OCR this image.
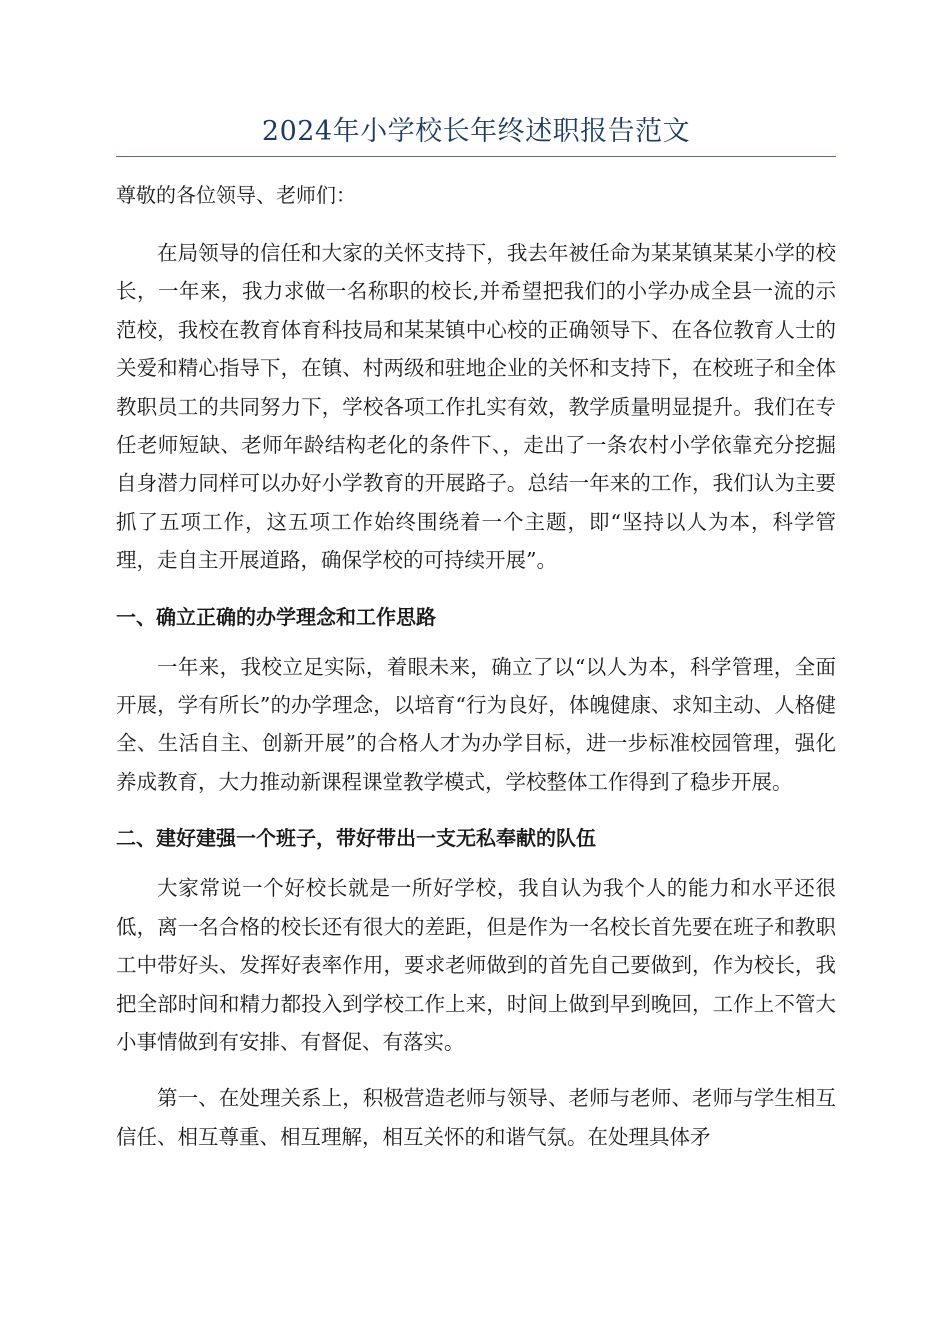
2024年小学校长年终述职报告范文

尊敬的各位领导、老师们：

在局领导的信任和大家的关怀支持下，我去年被任命为某某镇某某小学的校长，一年来，我力求做一名称职的校长,并希望把我们的小学办成全县一流的示范校，我校在教育体育科技局和某某镇中心校的正确领导下、在各位教育人士的关爱和精心指导下，在镇、村两级和驻地企业的关怀和支持下，在校班子和全体教职员工的共同努力下，学校各项工作扎实有效，教学质量明显提升。我们在专任老师短缺、老师年龄结构老化的条件下、，走出了一条农村小学依靠充分挖掘自身潜力同样可以办好小学教育的开展路子。总结一年来的工作，我们认为主要抓了五项工作，这五项工作始终围绕着一个主题，即“坚持以人为本，科学管理，走自主开展道路，确保学校的可持续开展”。

一、确立正确的办学理念和工作思路

一年来，我校立足实际，着眼未来，确立了以“以人为本，科学管理，全面开展，学有所长”的办学理念，以培育“行为良好，体魄健康、求知主动、人格健全、生活自主、创新开展”的合格人才为办学目标，进一步标准校园管理，强化养成教育，大力推动新课程课堂教学模式，学校整体工作得到了稳步开展。

二、建好建强一个班子，带好带出一支无私奉献的队伍

大家常说一个好校长就是一所好学校，我自认为我个人的能力和水平还很低，离一名合格的校长还有很大的差距，但是作为一名校长首先要在班子和教职工中带好头、发挥好表率作用，要求老师做到的首先自己要做到，作为校长，我把全部时间和精力都投入到学校工作上来，时间上做到早到晚回，工作上不管大小事情做到有安排、有督促、有落实。

第一、在处理关系上，积极营造老师与领导、老师与老师、老师与学生相互信任、相互尊重、相互理解，相互关怀的和谐气氛。在处理具体矛
